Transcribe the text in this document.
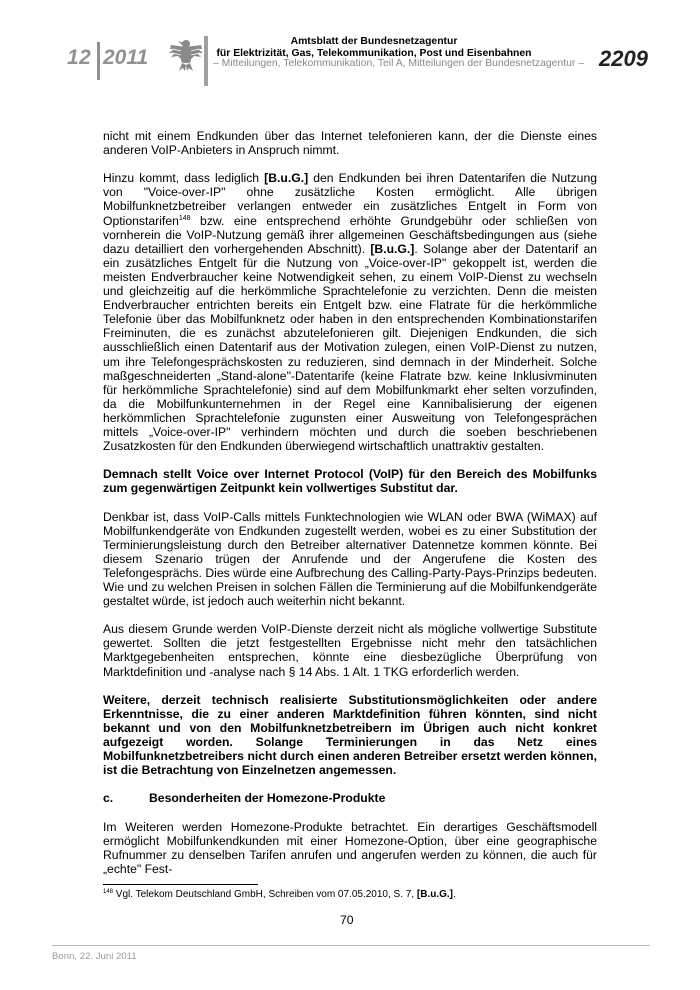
12 2011
Amtsblatt der Bundesnetzagentur
für Elektrizität, Gas, Telekommunikation, Post und Eisenbahnen
– Mitteilungen, Telekommunikation, Teil A, Mitteilungen der Bundesnetzagentur – 2209

nicht mit einem Endkunden über das Internet telefonieren kann, der die Dienste eines anderen VoIP-Anbieters in Anspruch nimmt.

Hinzu kommt, dass lediglich [B.u.G.] den Endkunden bei ihren Datentarifen die Nutzung von "Voice-over-IP" ohne zusätzliche Kosten ermöglicht. Alle übrigen Mobilfunknetzbetreiber verlangen entweder ein zusätzliches Entgelt in Form von Optionstarifen$^{148}$ bzw. eine entsprechend erhöhte Grundgebühr oder schließen von vornherein die VoIP-Nutzung gemäß ihrer allgemeinen Geschäftsbedingungen aus (siehe dazu detailliert den vorhergehenden Abschnitt). [B.u.G.]. Solange aber der Datentarif an ein zusätzliches Entgelt für die Nutzung von „Voice-over-IP" gekoppelt ist, werden die meisten Endverbraucher keine Notwendigkeit sehen, zu einem VoIP-Dienst zu wechseln und gleichzeitig auf die herkömmliche Sprachtelefonie zu verzichten. Denn die meisten Endverbraucher entrichten bereits ein Entgelt bzw. eine Flatrate für die herkömmliche Telefonie über das Mobilfunknetz oder haben in den entsprechenden Kombinationstarifen Freiminuten, die es zunächst abzutelefonieren gilt. Diejenigen Endkunden, die sich ausschließlich einen Datentarif aus der Motivation zulegen, einen VoIP-Dienst zu nutzen, um ihre Telefongesprächskosten zu reduzieren, sind demnach in der Minderheit. Solche maßgeschneiderten „Stand-alone"-Datentarife (keine Flatrate bzw. keine Inklusivminuten für herkömmliche Sprachtelefonie) sind auf dem Mobilfunkmarkt eher selten vorzufinden, da die Mobilfunkunternehmen in der Regel eine Kannibalisierung der eigenen herkömmlichen Sprachtelefonie zugunsten einer Ausweitung von Telefongesprächen mittels „Voice-over-IP" verhindern möchten und durch die soeben beschriebenen Zusatzkosten für den Endkunden überwiegend wirtschaftlich unattraktiv gestalten.

Demnach stellt Voice over Internet Protocol (VoIP) für den Bereich des Mobilfunks zum gegenwärtigen Zeitpunkt kein vollwertiges Substitut dar.

Denkbar ist, dass VoIP-Calls mittels Funktechnologien wie WLAN oder BWA (WiMAX) auf Mobilfunkendgeräte von Endkunden zugestellt werden, wobei es zu einer Substitution der Terminierungsleistung durch den Betreiber alternativer Datennetze kommen könnte. Bei diesem Szenario trügen der Anrufende und der Angerufene die Kosten des Telefongesprächs. Dies würde eine Aufbrechung des Calling-Party-Pays-Prinzips bedeuten. Wie und zu welchen Preisen in solchen Fällen die Terminierung auf die Mobilfunkendgeräte gestaltet würde, ist jedoch auch weiterhin nicht bekannt.

Aus diesem Grunde werden VoIP-Dienste derzeit nicht als mögliche vollwertige Substitute gewertet. Sollten die jetzt festgestellten Ergebnisse nicht mehr den tatsächlichen Marktgegebenheiten entsprechen, könnte eine diesbezügliche Überprüfung von Marktdefinition und -analyse nach § 14 Abs. 1 Alt. 1 TKG erforderlich werden.

Weitere, derzeit technisch realisierte Substitutionsmöglichkeiten oder andere Erkenntnisse, die zu einer anderen Marktdefinition führen könnten, sind nicht bekannt und von den Mobilfunknetzbetreibern im Übrigen auch nicht konkret aufgezeigt worden. Solange Terminierungen in das Netz eines Mobilfunknetzbetreibers nicht durch einen anderen Betreiber ersetzt werden können, ist die Betrachtung von Einzelnetzen angemessen.

c.	Besonderheiten der Homezone-Produkte

Im Weiteren werden Homezone-Produkte betrachtet. Ein derartiges Geschäftsmodell ermöglicht Mobilfunkendkunden mit einer Homezone-Option, über eine geographische Rufnummer zu denselben Tarifen anrufen und angerufen werden zu können, die auch für „echte" Fest-

$^{148}$ Vgl. Telekom Deutschland GmbH, Schreiben vom 07.05.2010, S. 7, [B.u.G.].
70
Bonn, 22. Juni 2011
